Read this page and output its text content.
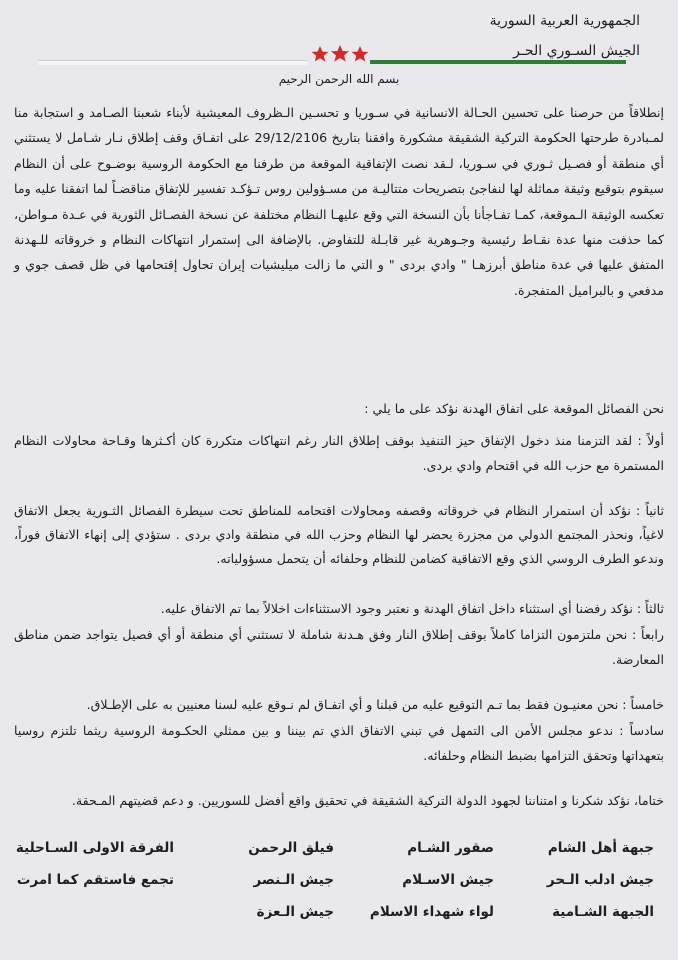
الجمهورية العربية السورية
الجيش السـوري الحـر
بسم الله الرحمن الرحيم
إنطلاقاً من حرصنا على تحسين الحـالة الانسانية في سـوريا و تحسـين الـظروف المعيشية لأبناء شعبنا الصـامد و استجابة منا لمـبادرة طرحتها الحكومة التركية الشقيقة مشكورة وافقنا بتاريخ 29/12/2106 على اتفـاق وقف إطلاق نـار شـامل لا يستثني أي منطقة أو فصـيل ثـوري في سـوريا، لـقد نصت الإتفاقية الموقعة من طرفنا مع الحكومة الروسية بوضـوح على أن النظام سيقوم بتوقيع وثيقة مماثلة لها لنفاجئ بتصريحات متتاليـة من مسـؤولين روس تـؤكـد تفسير للإتفاق مناقضـاً لما اتفقنا عليه وما تعكسه الوثيقة الـموقعة، كمـا تفـاجأنا بأن النسخة التي وقع عليهـا النظام مختلفة عن نسخة الفصـائل الثورية في عـدة مـواطن، كما حذفت منها عدة نقـاط رئيسية وجـوهرية غير قابـلة للتفاوض. بالإضافة الى إستمرار انتهاكات النظام و خروقاته للـهدنة المتفق عليها في عدة مناطق أبرزهـا " وادي بردى " و التي ما زالت ميليشيات إيران تحاول إقتحامها في ظل قصف جوي و مدفعي و بالبراميل المتفجرة.
نحن الفصائل الموقعة على اتفاق الهدنة نؤكد على ما يلي :
أولاً : لقد التزمنا منذ دخول الإتفاق حيز التنفيذ بوقف إطلاق النار رغم انتهاكات متكررة كان أكـثرها وقـاحة محاولات النظام المستمرة مع حزب الله في اقتحام وادي بردى.
ثانياً : نؤكد أن استمرار النظام في خروقاته وقصفه ومحاولات اقتحامه للمناطق تحت سيطرة الفصائل الثـورية يجعل الاتفاق لاغياً، ونحذر المجتمع الدولي من مجزرة يحضر لها النظام وحزب الله في منطقة وادي بردى . ستؤدي إلى إنهاء الاتفاق فوراً، وندعو الطرف الروسي الذي وقع الاتفاقية كضامن للنظام وحلفائه أن يتحمل مسؤولياته.
ثالثاً : نؤكد رفضنا أي استثناء داخل اتفاق الهدنة و نعتبر وجود الاستثناءات اخلالاً بما تم الاتفاق عليه.
رابعاً : نحن ملتزمون التزاما كاملاً بوقف إطلاق النار وفق هـدنة شاملة لا تستثني أي منطقة أو أي فصيل يتواجد ضمن مناطق المعارضة.
خامساً : نحن معنيـون فقط بما تـم التوقيع عليه من قبلنا و أي اتفـاق لم نـوقع عليه لسنا معنيين به على الإطـلاق.
سادساً : ندعو مجلس الأمن الى التمهل في تبني الاتفاق الذي تم بيننا و بين ممثلي الحكـومة الروسية ريثما تلتزم روسيا بتعهداتها وتحقق التزامها بضبط النظام وحلفائه.
ختاما، نؤكد شكرنا و امتناننا لجهود الدولة التركية الشقيقة في تحقيق واقع أفضل للسوريين. و دعم قضيتهم المـحقة.
جبهة أهل الشام
صقور الشـام
فيلق الرحمن
الفرقة الاولى السـاحلية
جيش ادلب الـحر
جيش الاسـلام
جيش الـنصر
تجمع فاستقم كما امرت
الجبهة الشـامية
لواء شهداء الاسلام
جيش الـعزة
